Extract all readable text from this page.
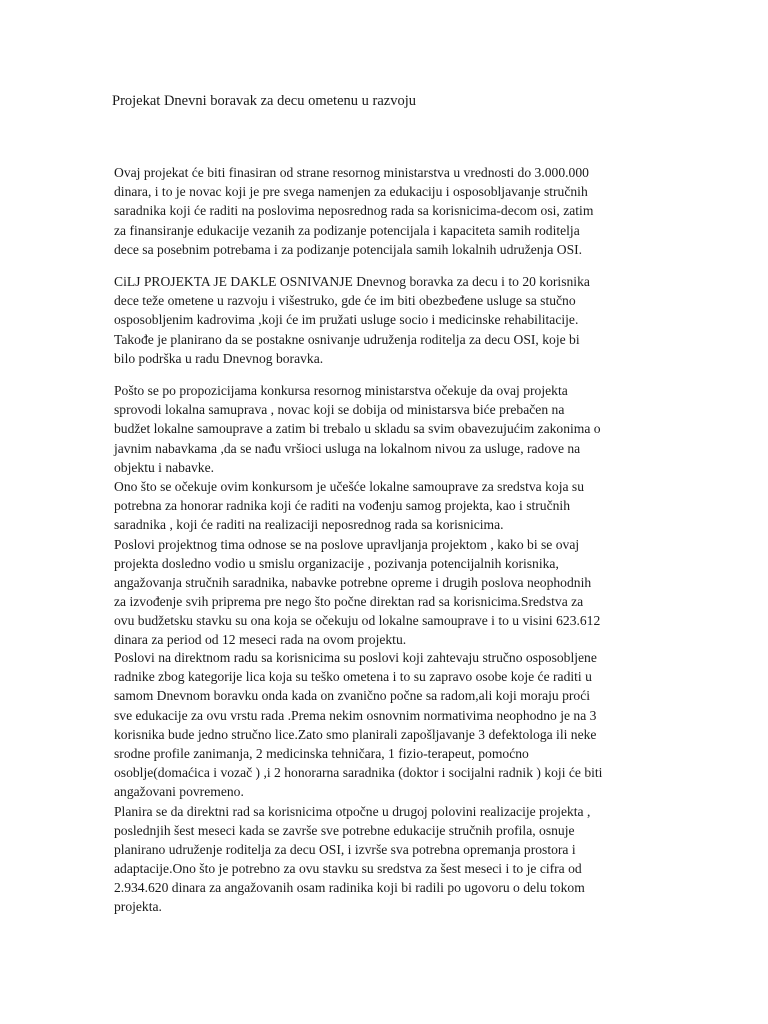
Projekat Dnevni boravak za decu ometenu u razvoju
Ovaj projekat će biti finasiran od strane resornog ministarstva u vrednosti do 3.000.000
dinara, i to je novac koji je pre svega namenjen za edukaciju i osposobljavanje stručnih
saradnika koji će raditi na poslovima neposrednog rada sa korisnicima-decom osi, zatim
za finansiranje edukacije vezanih za podizanje potencijala i kapaciteta samih roditelja
dece sa posebnim potrebama i za podizanje potencijala samih lokalnih udruženja OSI.
CiLJ PROJEKTA JE DAKLE OSNIVANJE Dnevnog boravka za decu i to 20 korisnika
dece teže ometene u razvoju i višestruko, gde će im biti obezbeđene usluge sa stučno
osposobljenim kadrovima ,koji će im pružati usluge socio i medicinske rehabilitacije.
Takođe je planirano da se postakne osnivanje udruženja roditelja za decu OSI, koje bi
bilo podrška u radu Dnevnog boravka.
Pošto se po propozicijama konkursa resornog ministarstva očekuje da ovaj projekta
sprovodi lokalna samuprava , novac koji se dobija od ministarsva biće prebačen na
budžet lokalne samouprave a zatim bi trebalo u skladu sa svim obavezujućim zakonima o
javnim nabavkama ,da se nađu vršioci usluga na lokalnom nivou za usluge, radove na
objektu i nabavke.
Ono što se očekuje ovim konkursom je učešće lokalne samouprave za sredstva koja su
potrebna za honorar radnika koji će raditi na vođenju samog projekta, kao i stručnih
saradnika , koji će raditi na realizaciji neposrednog rada sa korisnicima.
Poslovi projektnog tima odnose se na poslove upravljanja projektom , kako bi se ovaj
projekta dosledno vodio u smislu organizacije , pozivanja potencijalnih korisnika,
angažovanja stručnih saradnika, nabavke potrebne opreme i drugih poslova neophodnih
za izvođenje svih priprema pre nego što počne direktan rad sa korisnicima.Sredstva za
ovu budžetsku stavku su ona koja se očekuju od lokalne samouprave i to u visini 623.612
dinara za period od 12 meseci rada na ovom projektu.
Poslovi na direktnom radu sa korisnicima su poslovi koji zahtevaju stručno osposobljene
radnike zbog kategorije lica koja su teško ometena i to su zapravo osobe koje će raditi u
samom Dnevnom boravku onda kada on zvanično počne sa radom,ali koji moraju proći
sve edukacije za ovu vrstu rada .Prema nekim osnovnim normativima neophodno je na 3
korisnika bude jedno stručno lice.Zato smo planirali zapošljavanje 3 defektologa ili neke
srodne profile zanimanja, 2 medicinska tehničara, 1 fizio-terapeut, pomoćno
osoblje(domaćica i vozač ) ,i 2 honorarna saradnika (doktor i socijalni radnik ) koji će biti
angažovani povremeno.
Planira se da direktni rad sa korisnicima otpočne u drugoj polovini realizacije projekta ,
poslednjih šest meseci kada se završe sve potrebne edukacije stručnih profila, osnuje
planirano udruženje roditelja za decu OSI, i izvrše sva potrebna opremanja prostora i
adaptacije.Ono što je potrebno za ovu stavku su sredstva za šest meseci i to je cifra od
2.934.620 dinara za angažovanih osam radinika koji bi radili po ugovoru o delu tokom
projekta.
